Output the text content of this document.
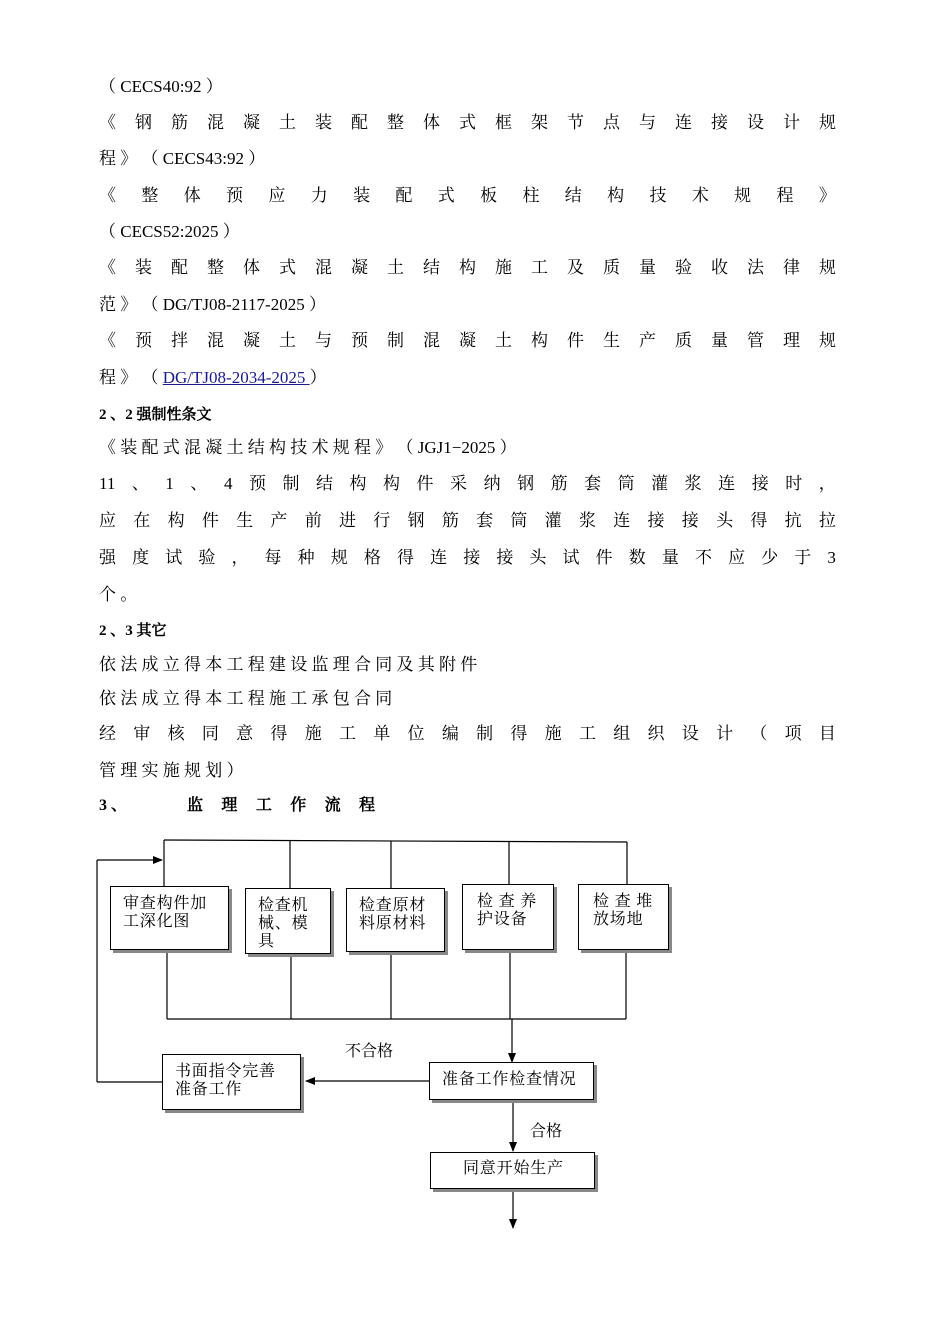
（ CECS40:92 ）
《 钢 筋 混 凝 土 装 配 整 体 式 框 架 节 点 与 连 接 设 计 规
程 》 （ CECS43:92 ）
《 整 体 预 应 力 装 配 式 板 柱 结 构 技 术 规 程 》
（ CECS52:2025 ）
《 装 配 整 体 式 混 凝 土 结 构 施 工 及 质 量 验 收 法 律 规
范 》 （ DG/TJ08-2117-2025 ）
《 预 拌 混 凝 土 与 预 制 混 凝 土 构 件 生 产 质 量 管 理 规
程 》 （ DG/TJ08-2034-2025 ）
2 、2 强制性条文
《 装 配 式 混 凝 土 结 构 技 术 规 程 》 （ JGJ1−2025 ）
11 、 1 、 4 预 制 结 构 构 件 采 纳 钢 筋 套 筒 灌 浆 连 接 时 ，
应 在 构 件 生 产 前 进 行 钢 筋 套 筒 灌 浆 连 接 接 头 得 抗 拉
强 度 试 验 ， 每 种 规 格 得 连 接 接 头 试 件 数 量 不 应 少 于 3
个 。
2 、3 其它
依 法 成 立 得 本 工 程 建 设 监 理 合 同 及 其 附 件
依 法 成 立 得 本 工 程 施 工 承 包 合 同
经 审 核 同 意 得 施 工 单 位 编 制 得 施 工 组 织 设 计 （ 项 目
管 理 实 施 规 划 ）
3 、	监 理 工 作 流 程
审查构件加工深化图
检查机械、模具
检查原材料原材料
检 查 养护设备
检 查 堆放场地
书面指令完善准备工作
准备工作检查情况
同意开始生产
不合格
合格
